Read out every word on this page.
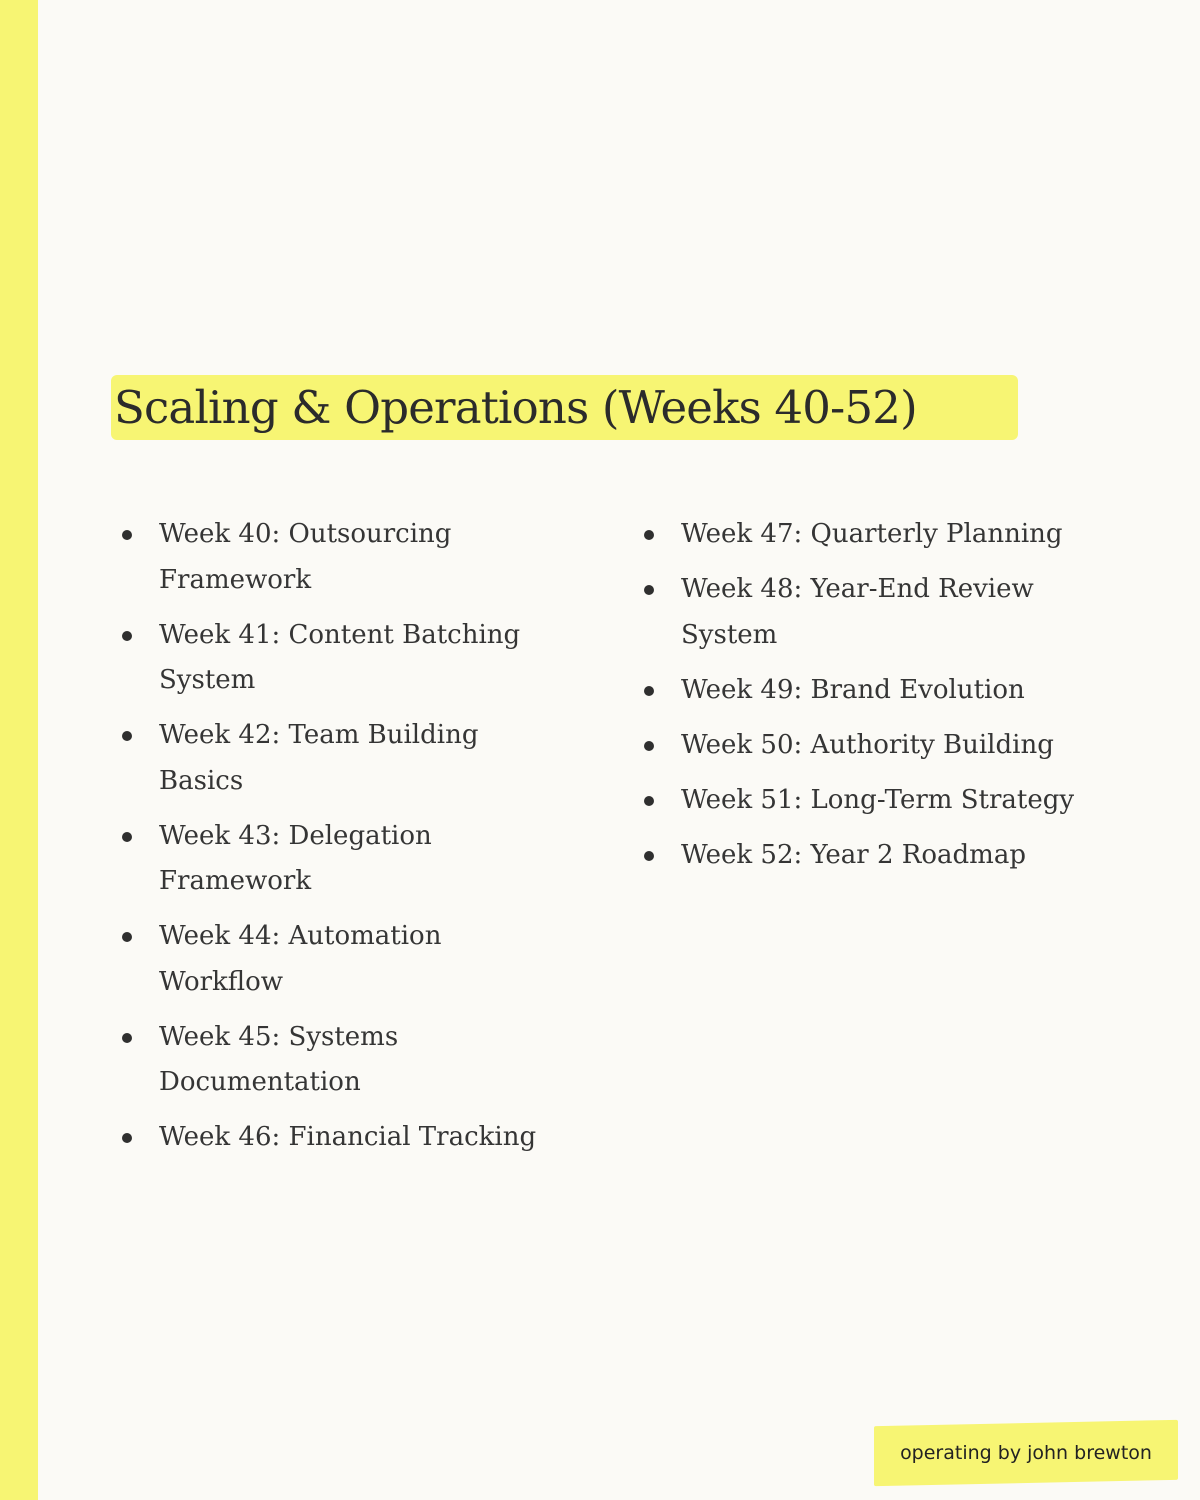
Scaling & Operations (Weeks 40-52)
Week 40: Outsourcing Framework
Week 41: Content Batching System
Week 42: Team Building Basics
Week 43: Delegation Framework
Week 44: Automation Workflow
Week 45: Systems Documentation
Week 46: Financial Tracking
Week 47: Quarterly Planning
Week 48: Year-End Review System
Week 49: Brand Evolution
Week 50: Authority Building
Week 51: Long-Term Strategy
Week 52: Year 2 Roadmap
operating by john brewton
